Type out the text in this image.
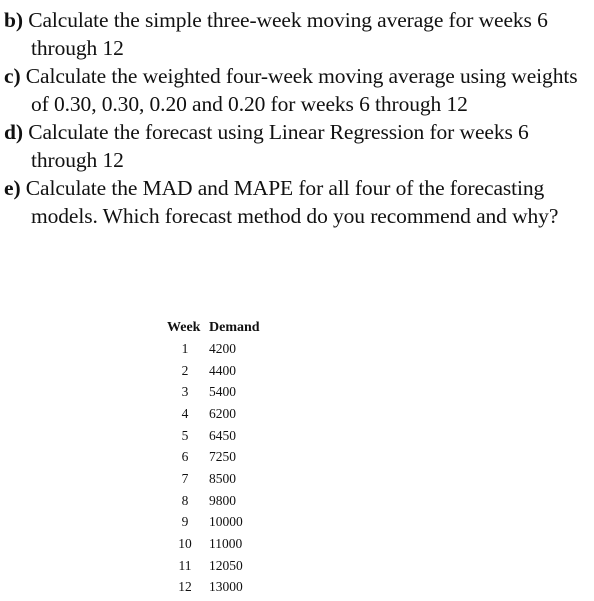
b) Calculate the simple three-week moving average for weeks 6 through 12

c) Calculate the weighted four-week moving average using weights of 0.30, 0.30, 0.20 and 0.20 for weeks 6 through 12

d) Calculate the forecast using Linear Regression for weeks 6 through 12

e) Calculate the MAD and MAPE for all four of the forecasting models. Which forecast method do you recommend and why?

Week	Demand
1	4200
2	4400
3	5400
4	6200
5	6450
6	7250
7	8500
8	9800
9	10000
10	11000
11	12050
12	13000
